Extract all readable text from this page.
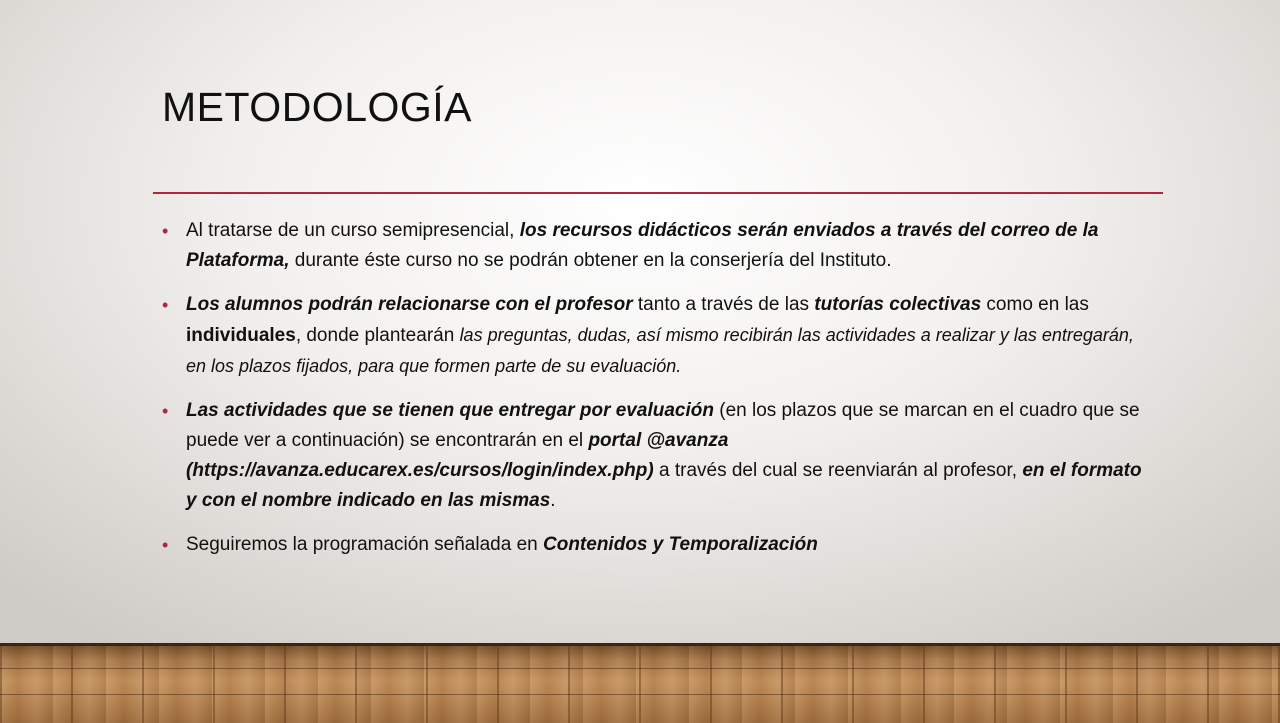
METODOLOGÍA
• Al tratarse de un curso semipresencial, los recursos didácticos serán enviados a través del correo de la Plataforma, durante éste curso no se podrán obtener en la conserjería del Instituto.
• Los alumnos podrán relacionarse con el profesor tanto a través de las tutorías colectivas como en las individuales, donde plantearán las preguntas, dudas, así mismo recibirán las actividades a realizar y las entregarán, en los plazos fijados, para que formen parte de su evaluación.
• Las actividades que se tienen que entregar por evaluación (en los plazos que se marcan en el cuadro que se puede ver a continuación) se encontrarán en el portal @avanza (https://avanza.educarex.es/cursos/login/index.php) a través del cual se reenviarán al profesor, en el formato y con el nombre indicado en las mismas.
• Seguiremos la programación señalada en Contenidos y Temporalización
